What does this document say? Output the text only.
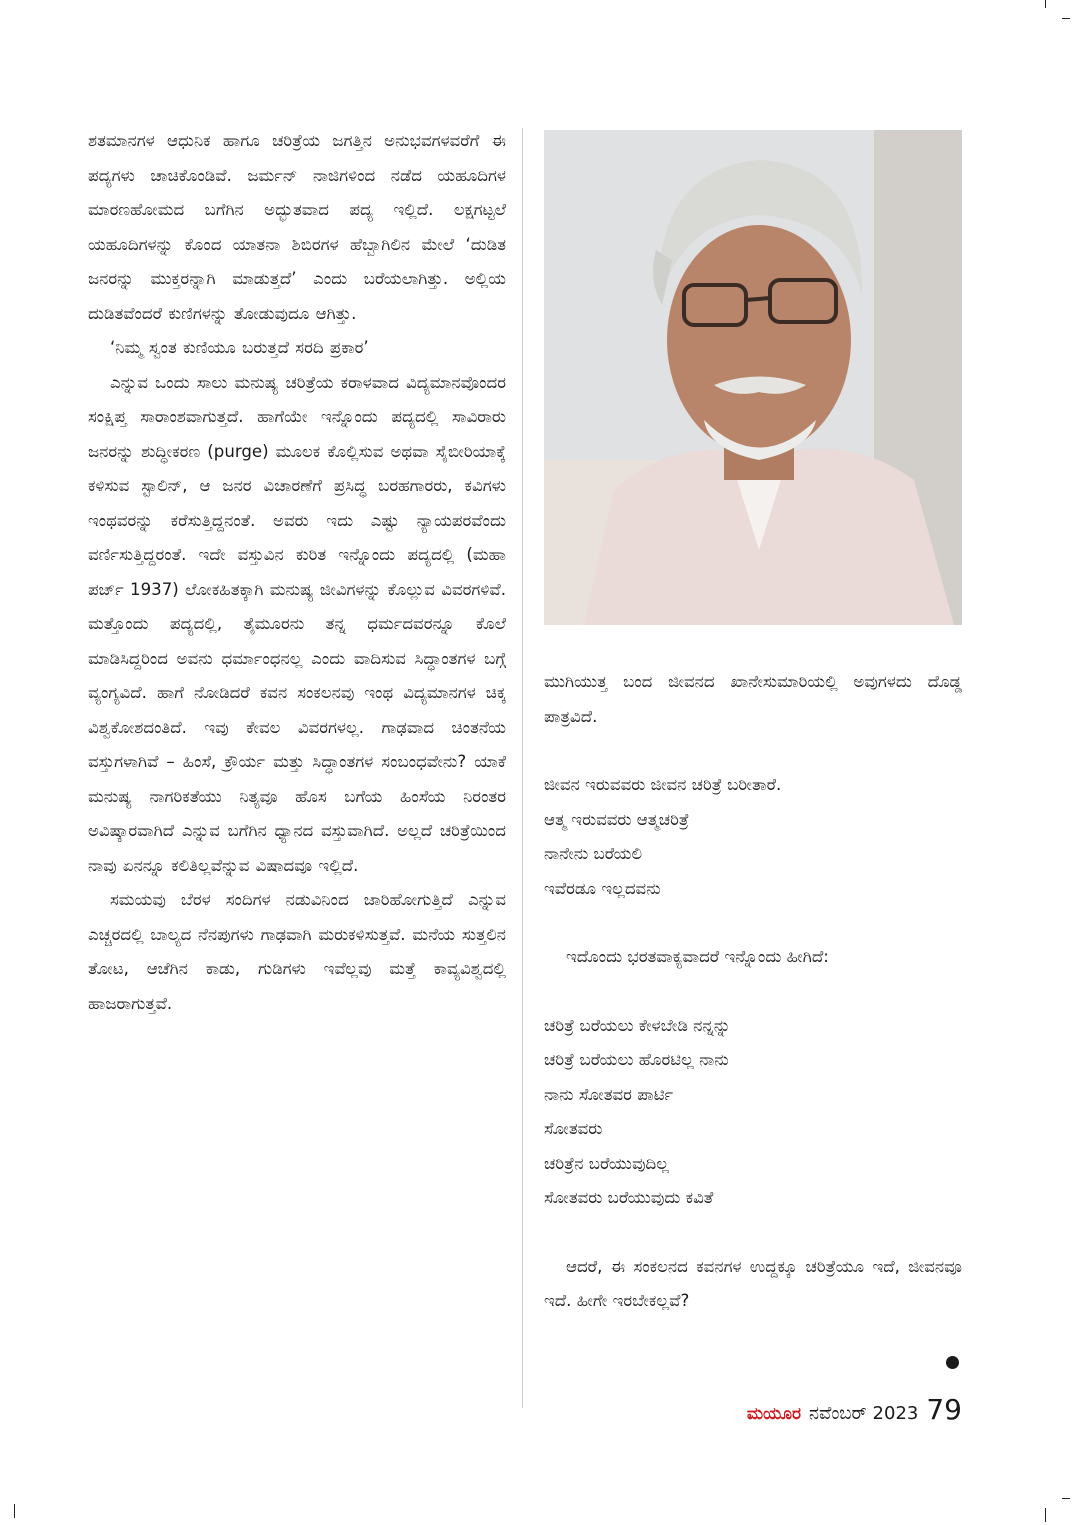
ಶತಮಾನಗಳ ಆಧುನಿಕ ಹಾಗೂ ಚರಿತ್ರೆಯ ಜಗತ್ತಿನ ಅನುಭವಗಳವರೆಗೆ ಈ ಪದ್ಯಗಳು ಚಾಚಿಕೊಂಡಿವೆ. ಜರ್ಮನ್ ನಾಜಿಗಳಿಂದ ನಡೆದ ಯಹೂದಿಗಳ ಮಾರಣಹೋಮದ ಬಗೆಗಿನ ಅದ್ಭುತವಾದ ಪದ್ಯ ಇಲ್ಲಿದೆ. ಲಕ್ಷಗಟ್ಟಲೆ ಯಹೂದಿಗಳನ್ನು ಕೊಂದ ಯಾತನಾ ಶಿಬಿರಗಳ ಹೆಬ್ಬಾಗಿಲಿನ ಮೇಲೆ ‘ದುಡಿತ ಜನರನ್ನು ಮುಕ್ತರನ್ನಾಗಿ ಮಾಡುತ್ತದೆ’ ಎಂದು ಬರೆಯಲಾಗಿತ್ತು. ಅಲ್ಲಿಯ ದುಡಿತವೆಂದರೆ ಕುಣಿಗಳನ್ನು ತೋಡುವುದೂ ಆಗಿತ್ತು.

‘ನಿಮ್ಮ ಸ್ವಂತ ಕುಣಿಯೂ ಬರುತ್ತದೆ ಸರದಿ ಪ್ರಕಾರ’

ಎನ್ನುವ ಒಂದು ಸಾಲು ಮನುಷ್ಯ ಚರಿತ್ರೆಯ ಕರಾಳವಾದ ವಿದ್ಯಮಾನವೊಂದರ ಸಂಕ್ಷಿಪ್ತ ಸಾರಾಂಶವಾಗುತ್ತದೆ. ಹಾಗೆಯೇ ಇನ್ನೊಂದು ಪದ್ಯದಲ್ಲಿ ಸಾವಿರಾರು ಜನರನ್ನು ಶುದ್ಧೀಕರಣ (purge) ಮೂಲಕ ಕೊಲ್ಲಿಸುವ ಅಥವಾ ಸೈಬೀರಿಯಾಕ್ಕೆ ಕಳಿಸುವ ಸ್ಟಾಲಿನ್, ಆ ಜನರ ವಿಚಾರಣೆಗೆ ಪ್ರಸಿದ್ಧ ಬರಹಗಾರರು, ಕವಿಗಳು ಇಂಥವರನ್ನು ಕರೆಸುತ್ತಿದ್ದನಂತೆ. ಅವರು ಇದು ಎಷ್ಟು ನ್ಯಾಯಪರವೆಂದು ವರ್ಣಿಸುತ್ತಿದ್ದರಂತೆ. ಇದೇ ವಸ್ತುವಿನ ಕುರಿತ ಇನ್ನೊಂದು ಪದ್ಯದಲ್ಲಿ (ಮಹಾ ಪರ್ಜ್ 1937) ಲೋಕಹಿತಕ್ಕಾಗಿ ಮನುಷ್ಯ ಜೀವಿಗಳನ್ನು ಕೊಲ್ಲುವ ವಿವರಗಳಿವೆ. ಮತ್ತೊಂದು ಪದ್ಯದಲ್ಲಿ, ತೈಮೂರನು ತನ್ನ ಧರ್ಮದವರನ್ನೂ ಕೊಲೆ ಮಾಡಿಸಿದ್ದರಿಂದ ಅವನು ಧರ್ಮಾಂಧನಲ್ಲ ಎಂದು ವಾದಿಸುವ ಸಿದ್ಧಾಂತಗಳ ಬಗ್ಗೆ ವ್ಯಂಗ್ಯವಿದೆ. ಹಾಗೆ ನೋಡಿದರೆ ಕವನ ಸಂಕಲನವು ಇಂಥ ವಿದ್ಯಮಾನಗಳ ಚಿಕ್ಕ ವಿಶ್ವಕೋಶದಂತಿದೆ. ಇವು ಕೇವಲ ವಿವರಗಳಲ್ಲ. ಗಾಢವಾದ ಚಿಂತನೆಯ ವಸ್ತುಗಳಾಗಿವೆ – ಹಿಂಸೆ, ಕ್ರೌರ್ಯ ಮತ್ತು ಸಿದ್ಧಾಂತಗಳ ಸಂಬಂಧವೇನು? ಯಾಕೆ ಮನುಷ್ಯ ನಾಗರಿಕತೆಯು ನಿತ್ಯವೂ ಹೊಸ ಬಗೆಯ ಹಿಂಸೆಯ ನಿರಂತರ ಅವಿಷ್ಕಾರವಾಗಿದೆ ಎನ್ನುವ ಬಗೆಗಿನ ಧ್ಯಾನದ ವಸ್ತುವಾಗಿದೆ. ಅಲ್ಲದೆ ಚರಿತ್ರೆಯಿಂದ ನಾವು ಏನನ್ನೂ ಕಲಿತಿಲ್ಲವೆನ್ನುವ ವಿಷಾದವೂ ಇಲ್ಲಿದೆ.

ಸಮಯವು ಬೆರಳ ಸಂದಿಗಳ ನಡುವಿನಿಂದ ಜಾರಿಹೋಗುತ್ತಿದೆ ಎನ್ನುವ ಎಚ್ಚರದಲ್ಲಿ ಬಾಲ್ಯದ ನೆನಪುಗಳು ಗಾಢವಾಗಿ ಮರುಕಳಿಸುತ್ತವೆ. ಮನೆಯ ಸುತ್ತಲಿನ ತೋಟ, ಆಚೆಗಿನ ಕಾಡು, ಗುಡಿಗಳು ಇವೆಲ್ಲವು ಮತ್ತೆ ಕಾವ್ಯವಿಶ್ವದಲ್ಲಿ ಹಾಜರಾಗುತ್ತವೆ.

ಮುಗಿಯುತ್ತ ಬಂದ ಜೀವನದ ಖಾನೇಸುಮಾರಿಯಲ್ಲಿ ಅವುಗಳದು ದೊಡ್ಡ ಪಾತ್ರವಿದೆ.

ಜೀವನ ಇರುವವರು ಜೀವನ ಚರಿತ್ರೆ ಬರೀತಾರೆ.

ಆತ್ಮ ಇರುವವರು ಆತ್ಮಚರಿತ್ರೆ

ನಾನೇನು ಬರೆಯಲಿ

ಇವೆರಡೂ ಇಲ್ಲದವನು

ಇದೊಂದು ಭರತವಾಕ್ಯವಾದರೆ ಇನ್ನೊಂದು ಹೀಗಿದೆ:

ಚರಿತ್ರೆ ಬರೆಯಲು ಕೇಳಬೇಡಿ ನನ್ನನ್ನು

ಚರಿತ್ರೆ ಬರೆಯಲು ಹೊರಟಿಲ್ಲ ನಾನು

ನಾನು ಸೋತವರ ಪಾರ್ಟಿ

ಸೋತವರು

ಚರಿತ್ರೆನ ಬರೆಯುವುದಿಲ್ಲ

ಸೋತವರು ಬರೆಯುವುದು ಕವಿತೆ

ಆದರೆ, ಈ ಸಂಕಲನದ ಕವನಗಳ ಉದ್ದಕ್ಕೂ ಚರಿತ್ರೆಯೂ ಇದೆ, ಜೀವನವೂ ಇದೆ. ಹೀಗೇ ಇರಬೇಕಲ್ಲವೆ?

ಮಯೂರ ನವೆಂಬರ್ 2023 79
